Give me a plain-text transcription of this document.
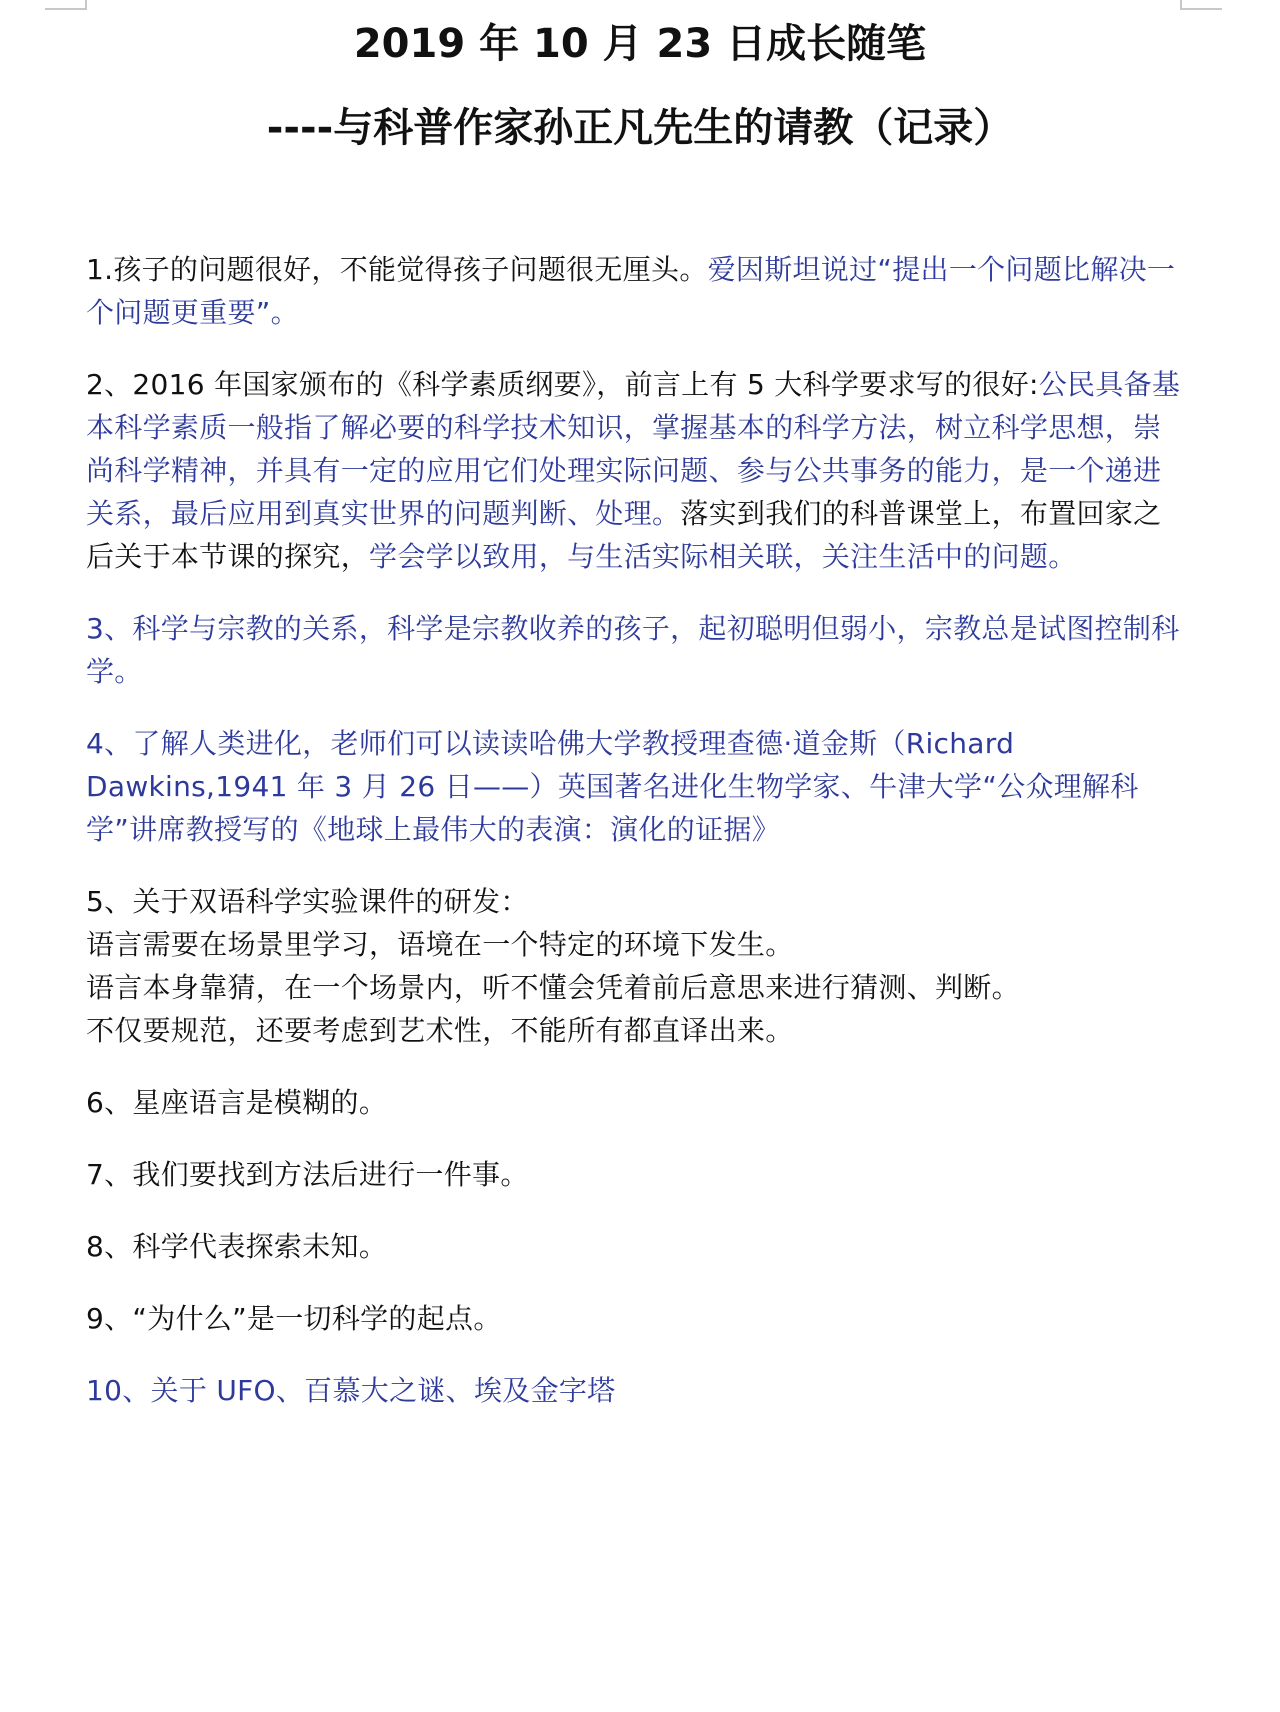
2019 年 10 月 23 日成长随笔
----与科普作家孙正凡先生的请教（记录）

1.孩子的问题很好，不能觉得孩子问题很无厘头。爱因斯坦说过“提出一个问题比解决一个问题更重要”。

2、2016 年国家颁布的《科学素质纲要》，前言上有 5 大科学要求写的很好:公民具备基本科学素质一般指了解必要的科学技术知识，掌握基本的科学方法，树立科学思想，崇尚科学精神，并具有一定的应用它们处理实际问题、参与公共事务的能力，是一个递进关系，最后应用到真实世界的问题判断、处理。落实到我们的科普课堂上，布置回家之后关于本节课的探究，学会学以致用，与生活实际相关联，关注生活中的问题。

3、科学与宗教的关系，科学是宗教收养的孩子，起初聪明但弱小，宗教总是试图控制科学。

4、了解人类进化，老师们可以读读哈佛大学教授理查德·道金斯（Richard Dawkins,1941 年 3 月 26 日——）英国著名进化生物学家、牛津大学“公众理解科学”讲席教授写的《地球上最伟大的表演：演化的证据》

5、关于双语科学实验课件的研发：

语言需要在场景里学习，语境在一个特定的环境下发生。

语言本身靠猜，在一个场景内，听不懂会凭着前后意思来进行猜测、判断。

不仅要规范，还要考虑到艺术性，不能所有都直译出来。

6、星座语言是模糊的。

7、我们要找到方法后进行一件事。

8、科学代表探索未知。

9、“为什么”是一切科学的起点。

10、关于 UFO、百慕大之谜、埃及金字塔
